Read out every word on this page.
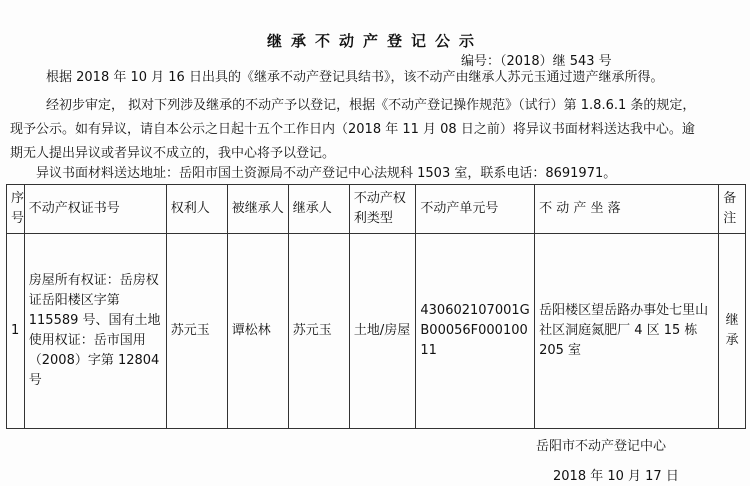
继承不动产登记公示
编号：（2018）继 543 号
根据 2018 年 10 月 16 日出具的《继承不动产登记具结书》，该不动产由继承人苏元玉通过遗产继承所得。
经初步审定， 拟对下列涉及继承的不动产予以登记，根据《不动产登记操作规范》（试行）第 1.8.6.1 条的规定，
现予公示。如有异议，请自本公示之日起十五个工作日内（2018 年 11 月 08 日之前）将异议书面材料送达我中心。逾
期无人提出异议或者异议不成立的，我中心将予以登记。
异议书面材料送达地址：岳阳市国土资源局不动产登记中心法规科 1503 室，联系电话：8691971。
序号	不动产权证书号	权利人	被继承人	继承人	不动产权利类型	不动产单元号	不 动 产 坐 落	备注
1	房屋所有权证：岳房权证岳阳楼区字第 115589 号、国有土地使用权证：岳市国用（2008）字第 12804 号	苏元玉	谭松林	苏元玉	土地/房屋	430602107001GB00056F00010011	岳阳楼区望岳路办事处七里山社区洞庭氮肥厂 4 区 15 栋 205 室	继承
岳阳市不动产登记中心
2018 年 10 月 17 日
